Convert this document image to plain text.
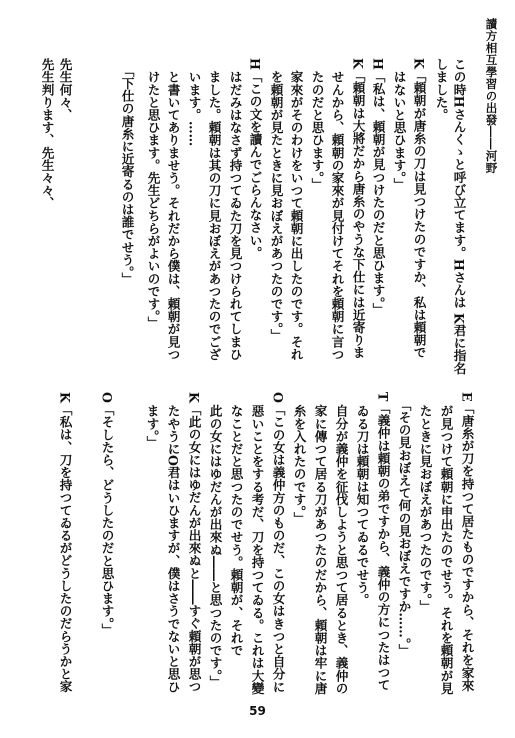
讀方相互學習の出發――河野

この時Hさんくゝと呼び立てます。Hさんは K君に指名

しました。

K「頼朝が唐糸の刀は見つけたのですか、私は頼朝で

　はないと思ひます。」

H「私は、頼朝が見つけたのだと思ひます。」

K「頼朝は大將だから唐糸のやうな下仕には近寄りま

　せんから、頼朝の家來が見付けてそれを頼朝に言つ

　たのだと思ひます。」

　家來がそのわけをいつて頼朝に出したのです。それ

　を頼朝が見たときに見おぼえがあつたのです。」

H「この文を讀んでごらんなさい。

　はだみはなさず持つてゐた刀を見つけられてしまひ

　ました。頼朝は其の刀に見おぼえがあつたのでござ

　います。……

　と書いてありませう。それだから僕は、頼朝が見つ

　けたと思ひます。先生どちらがよいのです。」

　「下仕の唐糸に近寄るのは誰でせう。」

先生何々、

先生判ります、先生々々、

E「唐糸が刀を持つて居たものですから、それを家來

　が見つけて頼朝に申出たのでせう。それを頼朝が見

　たときに見おぼえがあつたのです。」

　「その見おぼえて何の見おぼえですか……。」

T「義仲は頼朝の弟ですから、義仲の方につたはつて

　ゐる刀は頼朝は知つてゐるでせう。

　自分が義仲を征伐しようと思つて居るとき、義仲の

　家に傳つて居る刀があつたのだから、頼朝は牢に唐

　糸を入れたのです。」

O「この女は義仲方のものだ、この女はきつと自分に

　惡いことをする考だ、刀を持つてゐる。これは大變

　なことだと思つたのでせう。頼朝が、それで

　此の女にはゆだんが出來ぬ――と思つたのです。」

K「此の女にはゆだんが出來ぬと――すぐ頼朝が思つ

　たやうにO君はいひますが、僕はさうでないと思ひ

　ます。」

O「そしたら、どうしたのだと思ひます。」

K「私は、刀を持つてゐるがどうしたのだらうかと家

59
